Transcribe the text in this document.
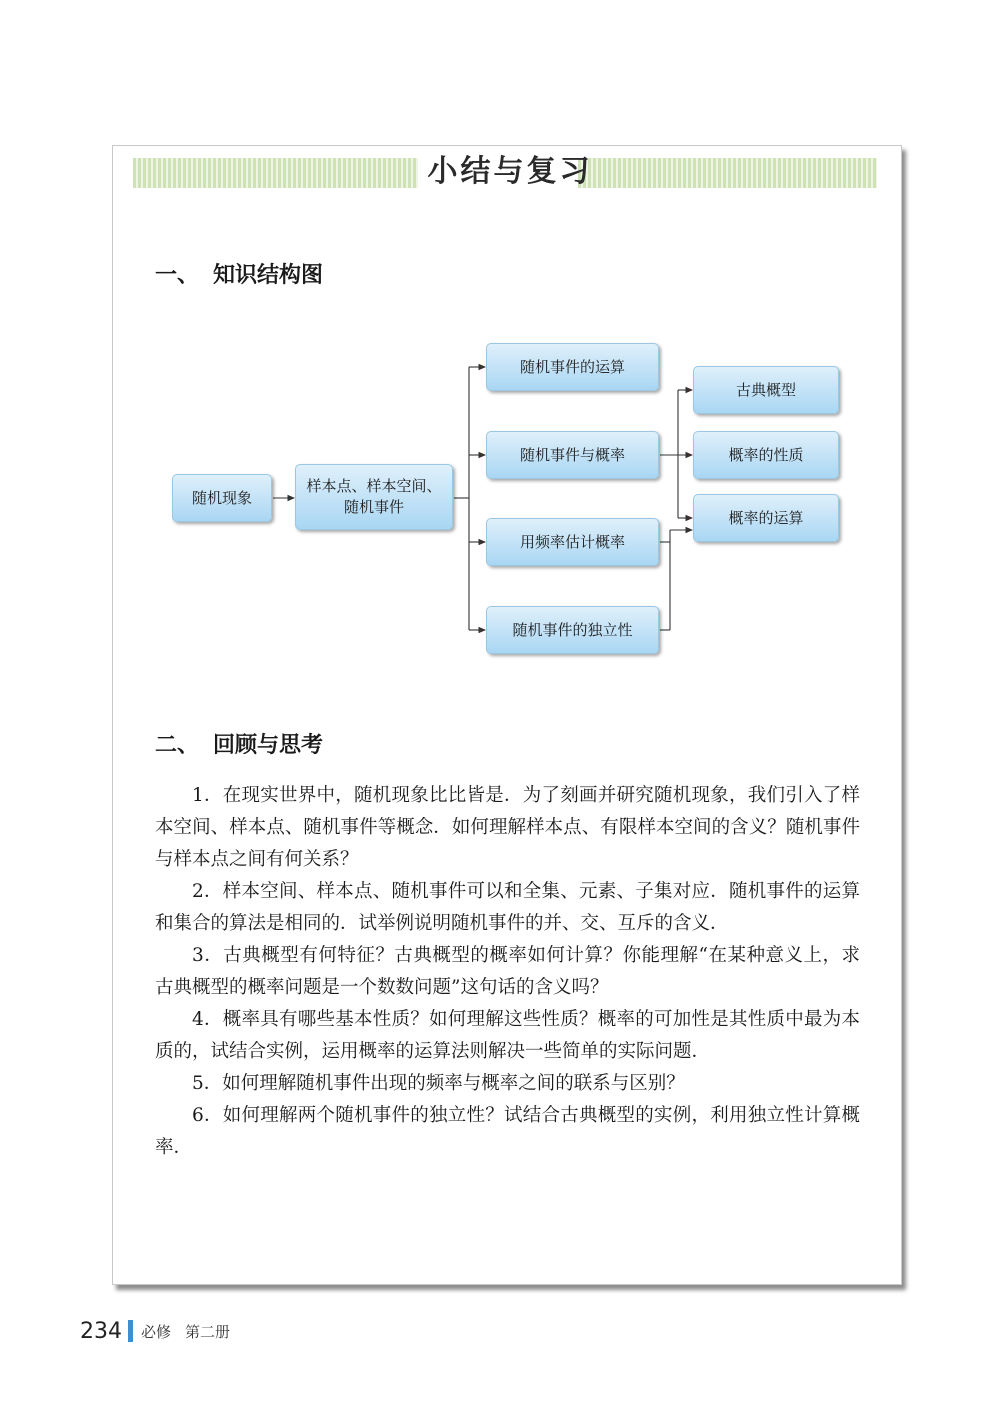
小结与复习
一、 知识结构图
随机现象
样本点、样本空间、
随机事件
随机事件的运算
随机事件与概率
用频率估计概率
随机事件的独立性
古典概型
概率的性质
概率的运算
二、 回顾与思考

1．在现实世界中，随机现象比比皆是．为了刻画并研究随机现象，我们引入了样本空间、样本点、随机事件等概念．如何理解样本点、有限样本空间的含义？随机事件与样本点之间有何关系？

2．样本空间、样本点、随机事件可以和全集、元素、子集对应．随机事件的运算和集合的算法是相同的．试举例说明随机事件的并、交、互斥的含义．

3．古典概型有何特征？古典概型的概率如何计算？你能理解“在某种意义上，求古典概型的概率问题是一个数数问题”这句话的含义吗？

4．概率具有哪些基本性质？如何理解这些性质？概率的可加性是其性质中最为本质的，试结合实例，运用概率的运算法则解决一些简单的实际问题．

5．如何理解随机事件出现的频率与概率之间的联系与区别？

6．如何理解两个随机事件的独立性？试结合古典概型的实例，利用独立性计算概率．

234 必修 第二册
